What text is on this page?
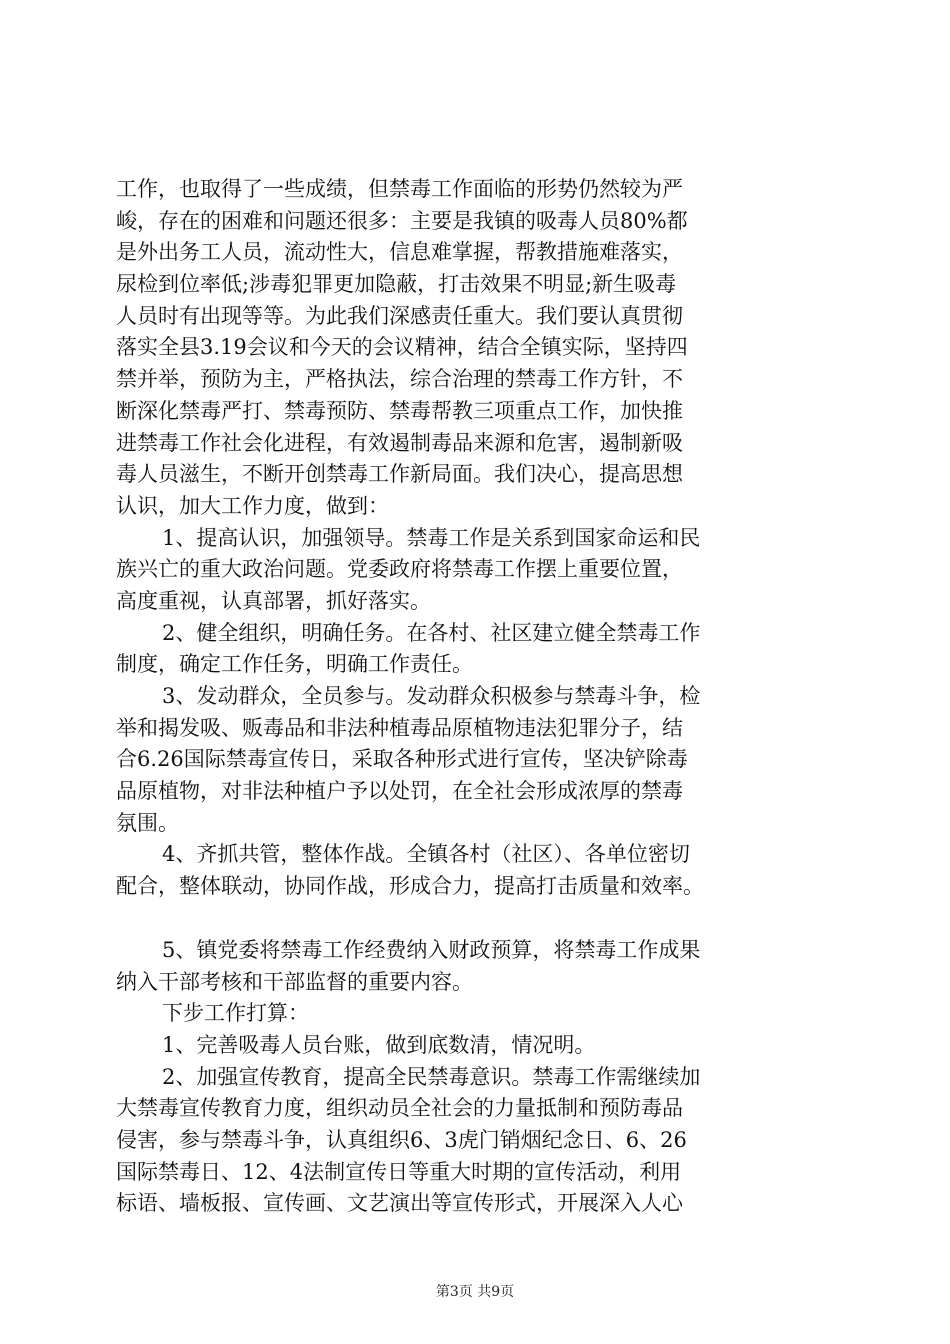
工作，也取得了一些成绩，但禁毒工作面临的形势仍然较为严
峻，存在的困难和问题还很多：主要是我镇的吸毒人员80%都
是外出务工人员，流动性大，信息难掌握，帮教措施难落实，
尿检到位率低;涉毒犯罪更加隐蔽，打击效果不明显;新生吸毒
人员时有出现等等。为此我们深感责任重大。我们要认真贯彻
落实全县3.19会议和今天的会议精神，结合全镇实际，坚持四
禁并举，预防为主，严格执法，综合治理的禁毒工作方针，不
断深化禁毒严打、禁毒预防、禁毒帮教三项重点工作，加快推
进禁毒工作社会化进程，有效遏制毒品来源和危害，遏制新吸
毒人员滋生，不断开创禁毒工作新局面。我们决心，提高思想
认识，加大工作力度，做到：
1、提高认识，加强领导。禁毒工作是关系到国家命运和民
族兴亡的重大政治问题。党委政府将禁毒工作摆上重要位置，
高度重视，认真部署，抓好落实。
2、健全组织，明确任务。在各村、社区建立健全禁毒工作
制度，确定工作任务，明确工作责任。
3、发动群众，全员参与。发动群众积极参与禁毒斗争，检
举和揭发吸、贩毒品和非法种植毒品原植物违法犯罪分子，结
合6.26国际禁毒宣传日，采取各种形式进行宣传，坚决铲除毒
品原植物，对非法种植户予以处罚，在全社会形成浓厚的禁毒
氛围。
4、齐抓共管，整体作战。全镇各村（社区）、各单位密切
配合，整体联动，协同作战，形成合力，提高打击质量和效率。
5、镇党委将禁毒工作经费纳入财政预算，将禁毒工作成果
纳入干部考核和干部监督的重要内容。
下步工作打算：
1、完善吸毒人员台账，做到底数清，情况明。
2、加强宣传教育，提高全民禁毒意识。禁毒工作需继续加
大禁毒宣传教育力度，组织动员全社会的力量抵制和预防毒品
侵害，参与禁毒斗争，认真组织6、3虎门销烟纪念日、6、26
国际禁毒日、12、4法制宣传日等重大时期的宣传活动，利用
标语、墙板报、宣传画、文艺演出等宣传形式，开展深入人心
第3页 共9页
